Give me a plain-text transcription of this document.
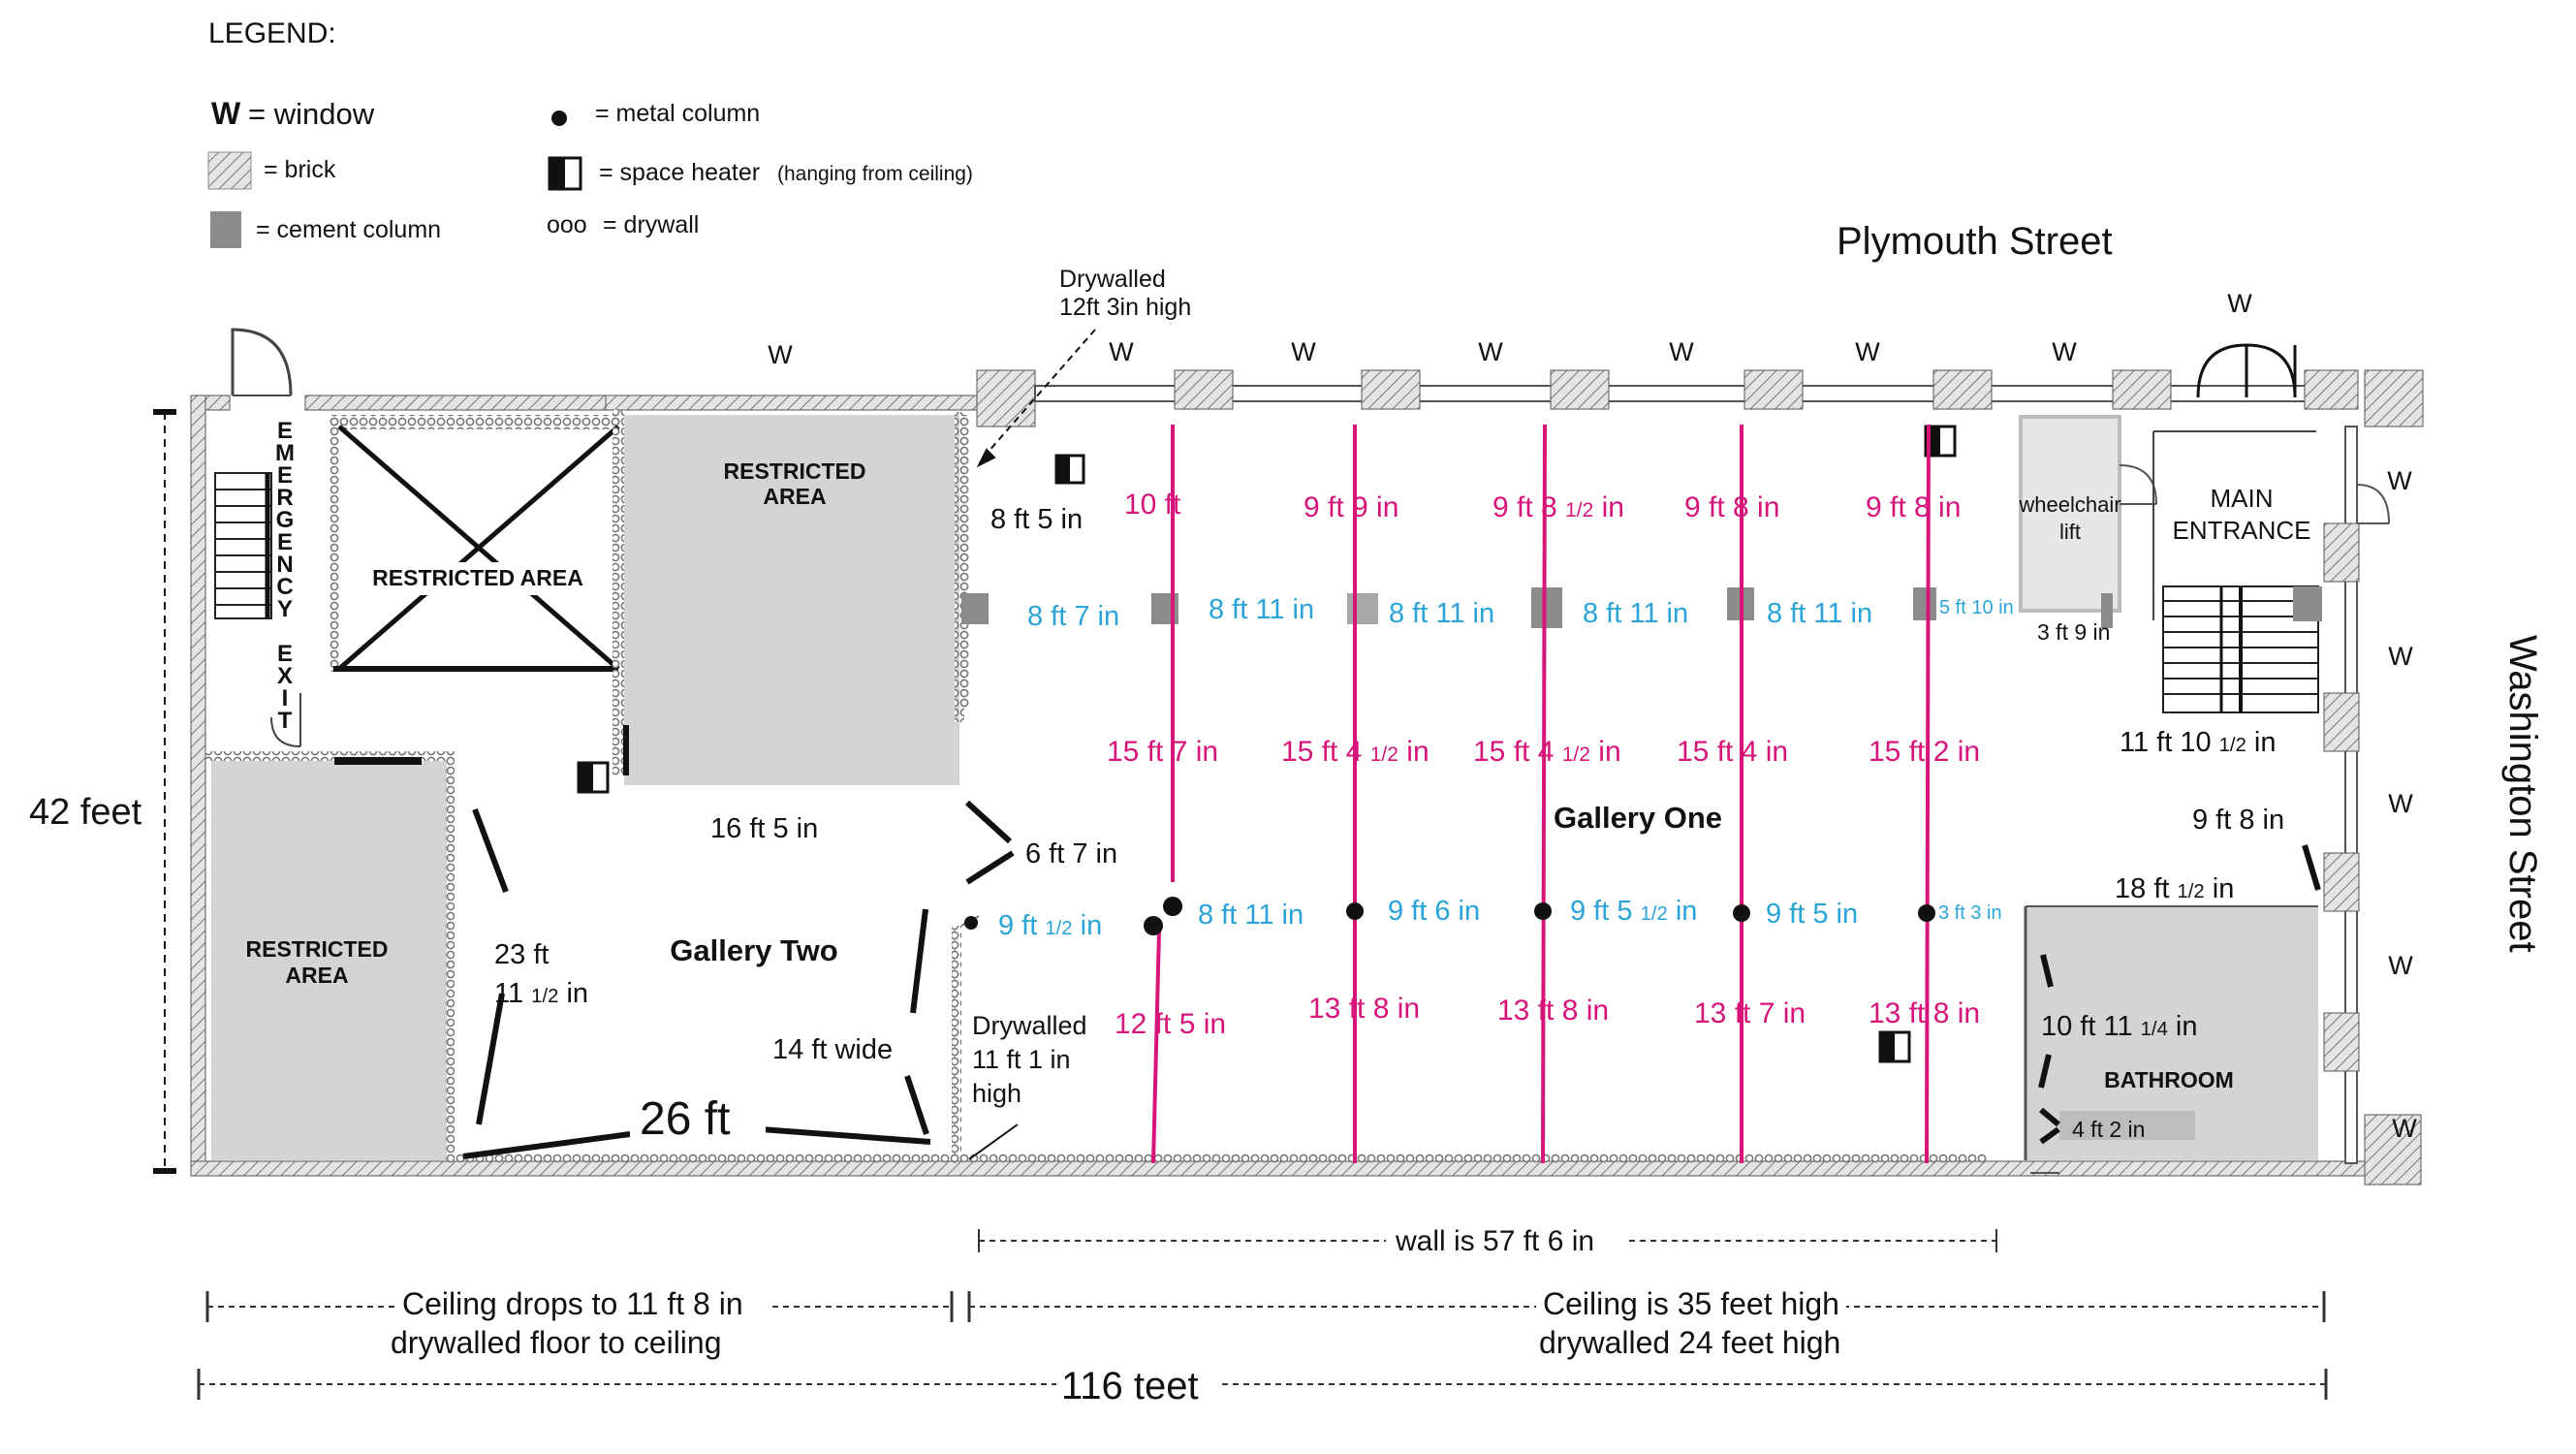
LEGEND:
W = window
= brick
= cement column
= metal column
= space heater (hanging from ceiling)
ooo = drywall	Plymouth Street
Washington Street
E
M
E
R
G
E
N
C
Y
E
X
I
T
RESTRICTED AREA
RESTRICTED
AREA
RESTRICTED
AREA
BATHROOM
wheelchair
lift
MAIN
ENTRANCE
W	W	W	W	W	W	W
W
W
W
W
W
W
Gallery One
Gallery Two
Drywalled
12ft 3in high
Drywalled
11 ft 1 in
high
42 feet
8 ft 5 in
16 ft 5 in
6 ft 7 in
23 ft
11 1/2 in
14 ft wide
26 ft
3 ft 9 in
11 ft 10 1/2 in
9 ft 8 in
18 ft 1/2 in
10 ft 11 1/4 in
4 ft 2 in
10 ft	9 ft 9 in	9 ft 8 1/2 in 9 ft 8 in	9 ft 8 in
15 ft 7 in 15 ft 4 1/2 in 15 ft 4 1/2 in 15 ft 4 in	15 ft 2 in
12 ft 5 in	13 ft 8 in	13 ft 8 in	13 ft 7 in 13 ft 8 in
8 ft 7 in	8 ft 11 in	8 ft 11 in	8 ft 11 in	8 ft 11 in	5 ft 10 in
9 ft 1/2 in	8 ft 11 in	9 ft 6 in	9 ft 5 1/2 in 9 ft 5 in	3 ft 3 in
wall is 57 ft 6 in
Ceiling drops to 11 ft 8 in
drywalled floor to ceiling
Ceiling is 35 feet high
drywalled 24 feet high
116 teet
